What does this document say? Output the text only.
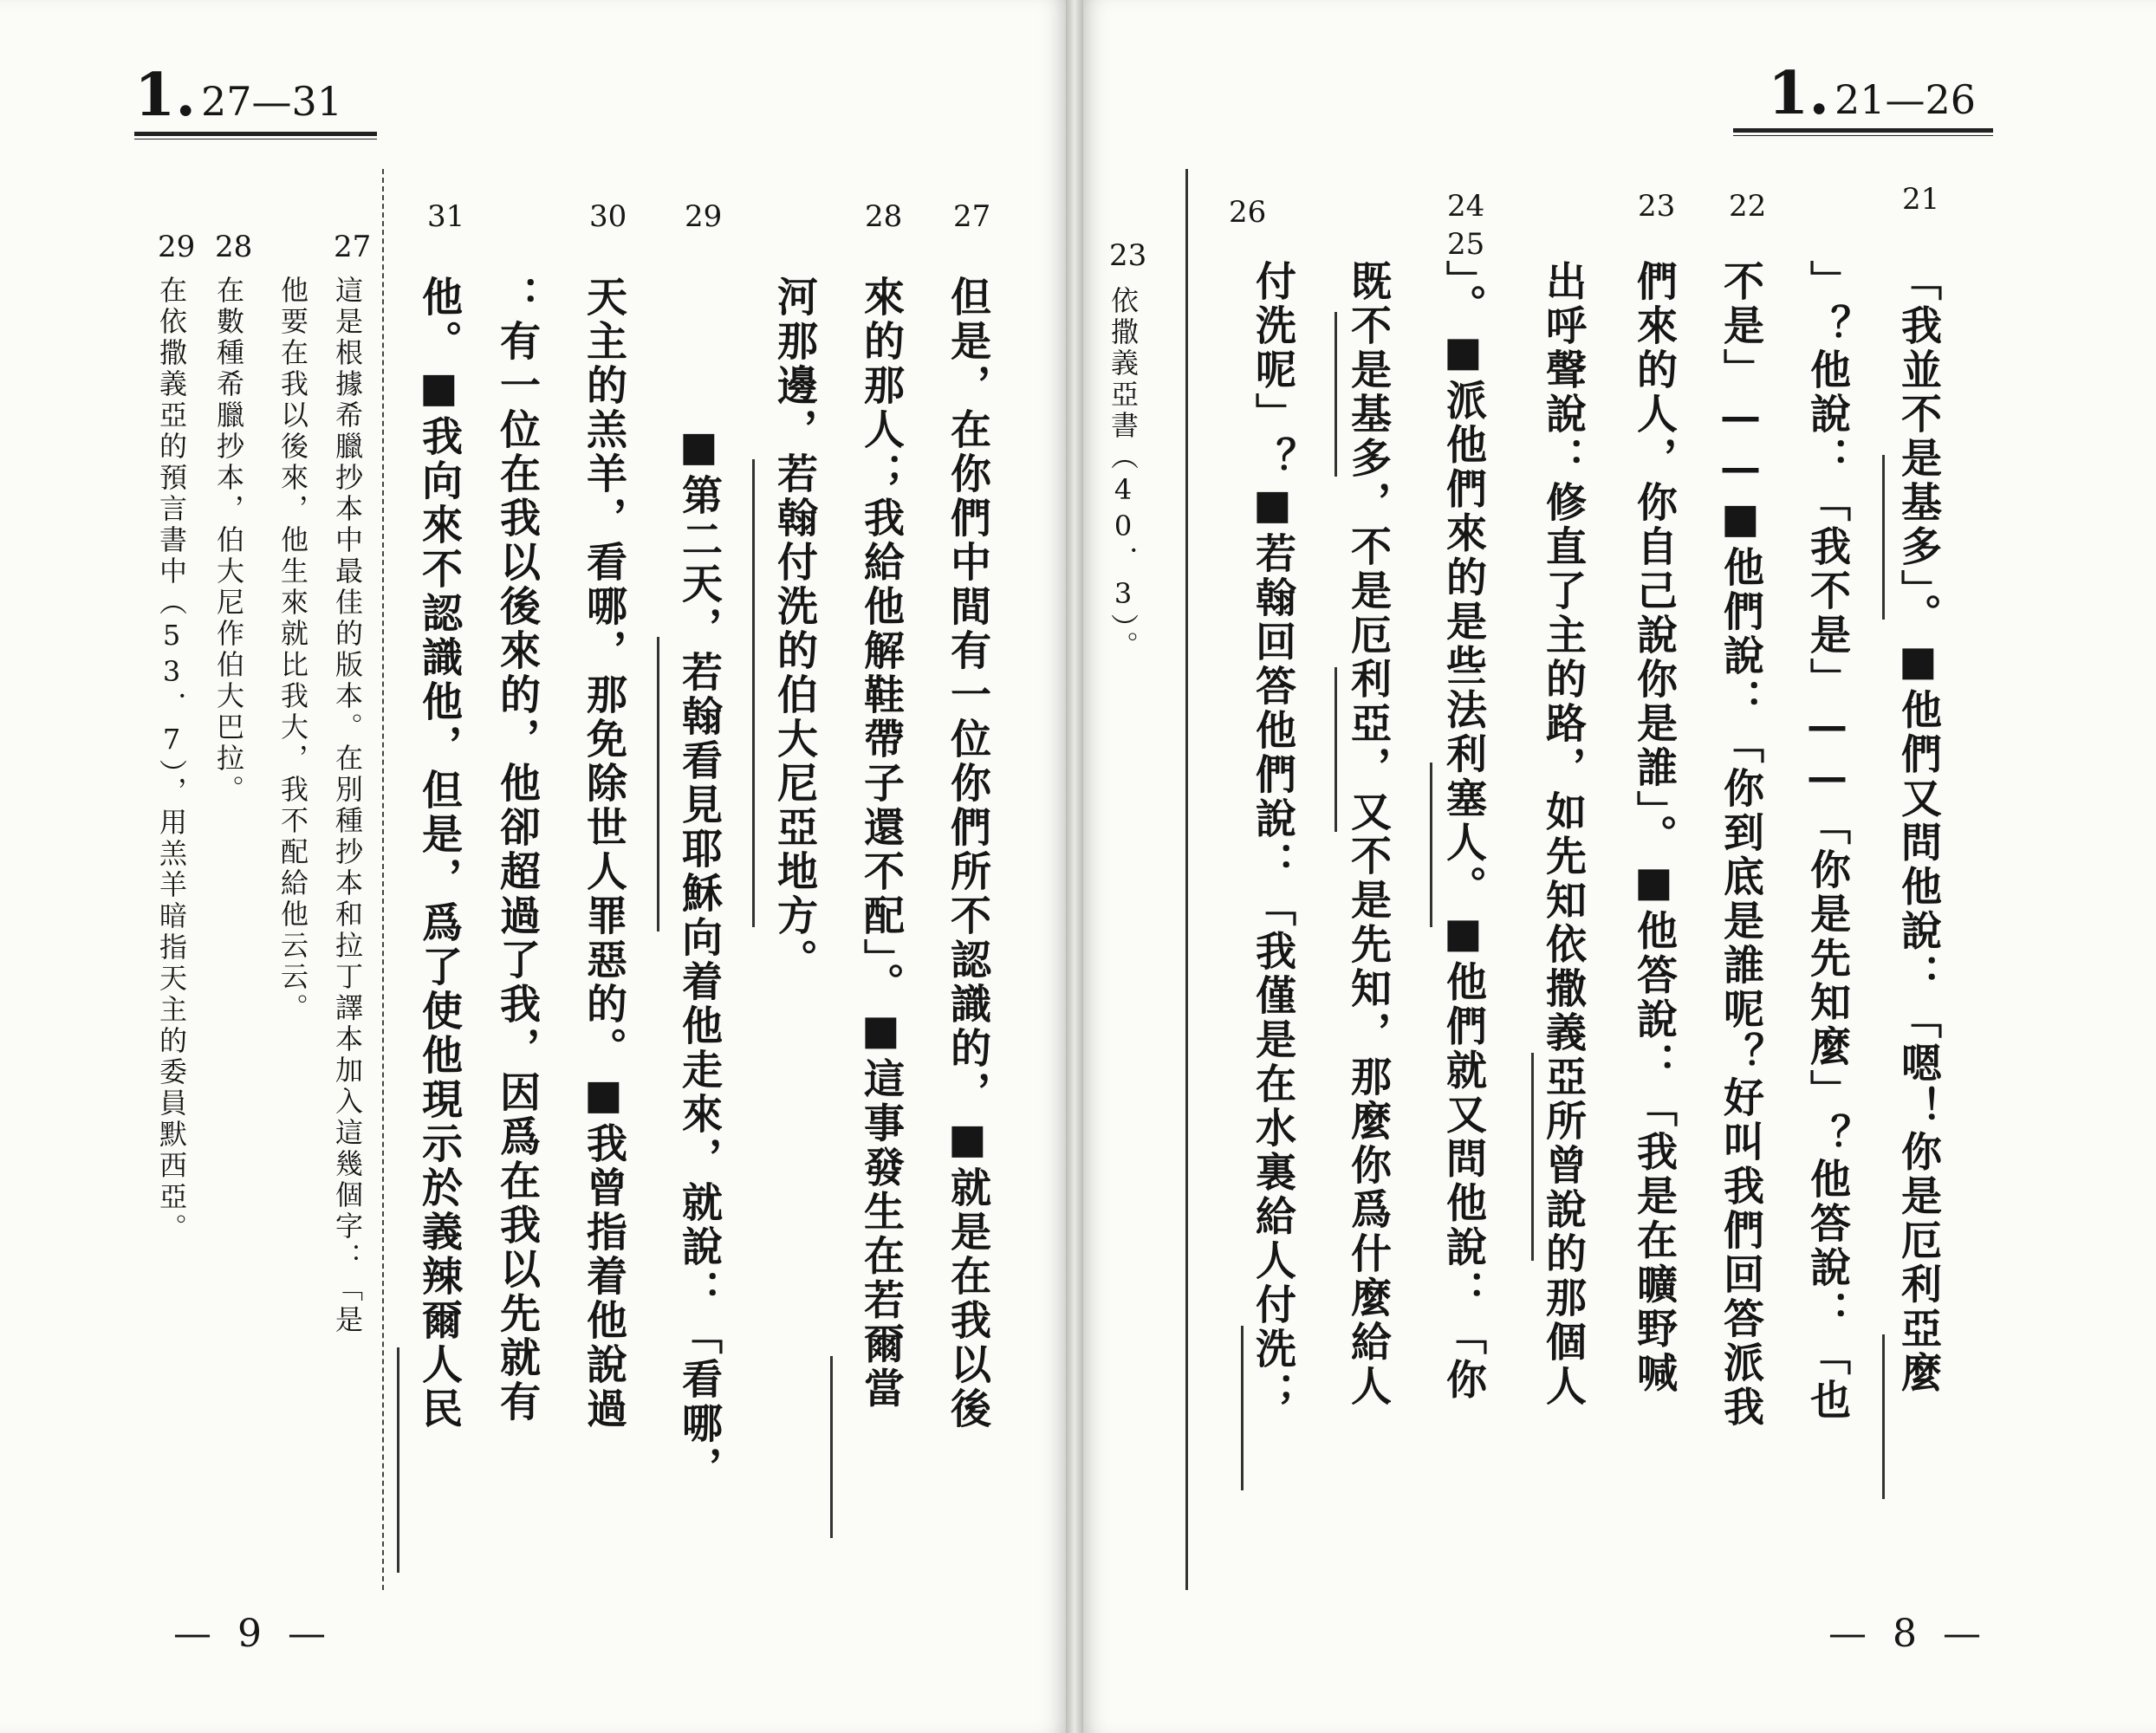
1. 27—31
29
在依撒義亞的預言書中（53．7），用羔羊暗指天主的委員默西亞。
28
在數種希臘抄本，伯大尼作伯大巴拉。
27
這是根據希臘抄本中最佳的版本。在別種抄本和拉丁譯本加入這幾個字：「是
他要在我以後來，他生來就比我大，我不配給他云云。
31	30 29	28 27
但是，在你們中間有一位你們所不認識的，■就是在我以後
來的那人；我給他解鞋帶子還不配」。■這事發生在若爾當
河那邊，若翰付洗的伯大尼亞地方。
■第二天，若翰看見耶穌向着他走來，就說：「看哪，
天主的羔羊，看哪，那免除世人罪惡的。■我曾指着他說過
：有一位在我以後來的，他卻超過了我，因爲在我以先就有
他。■我向來不認識他，但是，爲了使他現示於義辣爾人民
— 9 —
1. 21—26
23
依撒義亞書（40．3）。
26	24
25
23 22	21
「我並不是基多」。■他們又問他說：「嗯！你是厄利亞麼
」？他說：「我不是」——「你是先知麼」？他答說：「也
不是」——■他們說：「你到底是誰呢？好叫我們回答派我
們來的人，你自己說你是誰」。■他答說：「我是在曠野喊
出呼聲說：修直了主的路，如先知依撒義亞所曾說的那個人
」。■派他們來的是些法利塞人。■他們就又問他說：「你
既不是基多，不是厄利亞，又不是先知，那麼你爲什麼給人
付洗呢」？■若翰回答他們說：「我僅是在水裏給人付洗；
— 8 —
